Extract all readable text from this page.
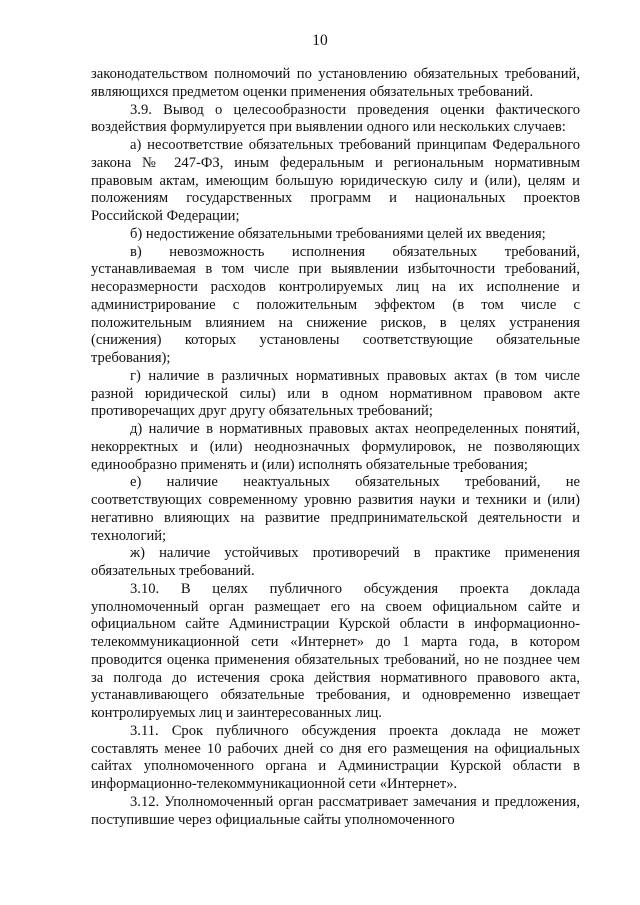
10

законодательством полномочий по установлению обязательных требований, являющихся предметом оценки применения обязательных требований.

3.9. Вывод о целесообразности проведения оценки фактического воздействия формулируется при выявлении одного или нескольких случаев:

а) несоответствие обязательных требований принципам Федерального закона № 247-ФЗ, иным федеральным и региональным нормативным правовым актам, имеющим большую юридическую силу и (или), целям и положениям государственных программ и национальных проектов Российской Федерации;

б) недостижение обязательными требованиями целей их введения;

в) невозможность исполнения обязательных требований, устанавливаемая в том числе при выявлении избыточности требований, несоразмерности расходов контролируемых лиц на их исполнение и администрирование с положительным эффектом (в том числе с положительным влиянием на снижение рисков, в целях устранения (снижения) которых установлены соответствующие обязательные требования);

г) наличие в различных нормативных правовых актах (в том числе разной юридической силы) или в одном нормативном правовом акте противоречащих друг другу обязательных требований;

д) наличие в нормативных правовых актах неопределенных понятий, некорректных и (или) неоднозначных формулировок, не позволяющих единообразно применять и (или) исполнять обязательные требования;

е) наличие неактуальных обязательных требований, не соответствующих современному уровню развития науки и техники и (или) негативно влияющих на развитие предпринимательской деятельности и технологий;

ж) наличие устойчивых противоречий в практике применения обязательных требований.

3.10. В целях публичного обсуждения проекта доклада уполномоченный орган размещает его на своем официальном сайте и официальном сайте Администрации Курской области в информационно-телекоммуникационной сети «Интернет» до 1 марта года, в котором проводится оценка применения обязательных требований, но не позднее чем за полгода до истечения срока действия нормативного правового акта, устанавливающего обязательные требования, и одновременно извещает контролируемых лиц и заинтересованных лиц.

3.11. Срок публичного обсуждения проекта доклада не может составлять менее 10 рабочих дней со дня его размещения на официальных сайтах уполномоченного органа и Администрации Курской области в информационно-телекоммуникационной сети «Интернет».

3.12. Уполномоченный орган рассматривает замечания и предложения, поступившие через официальные сайты уполномоченного
